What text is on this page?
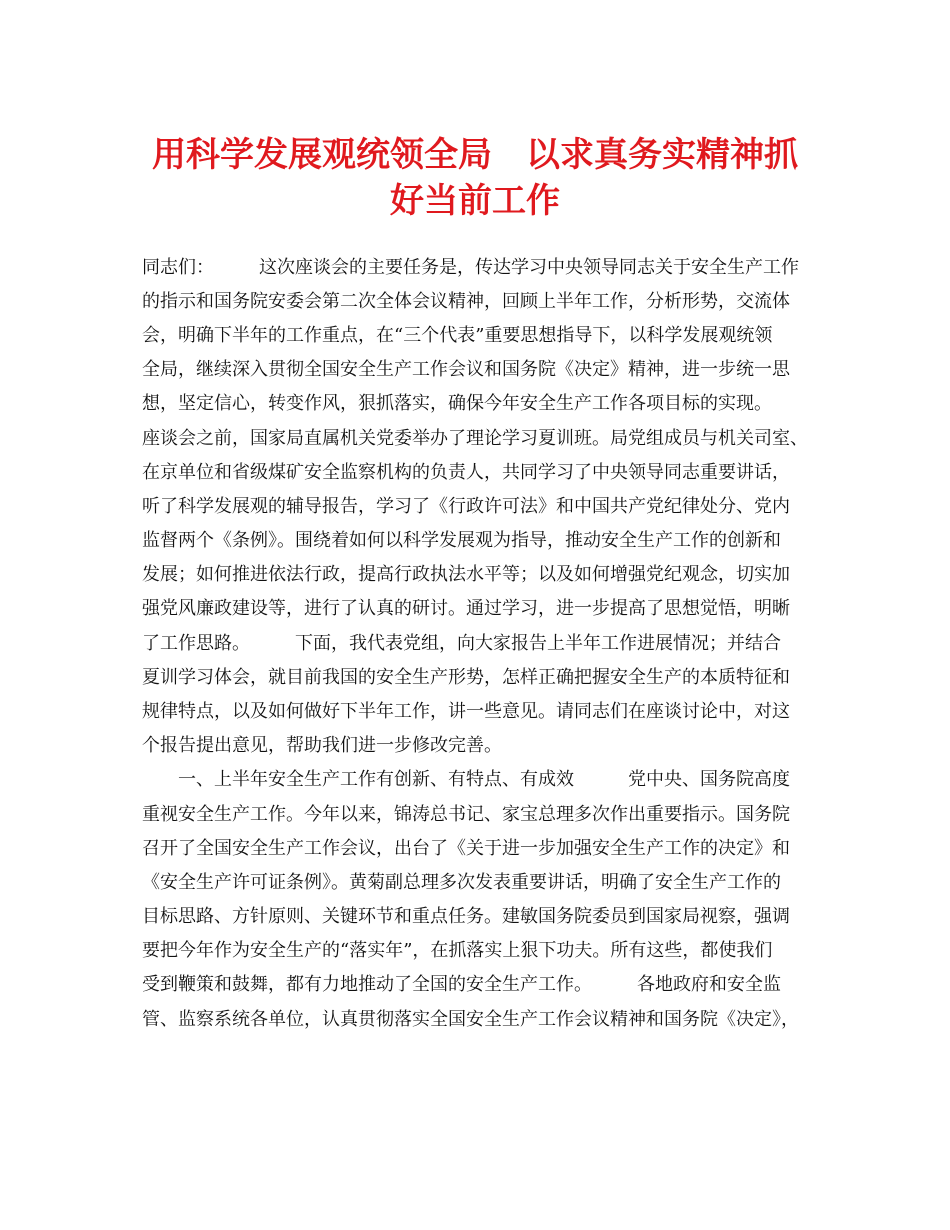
用科学发展观统领全局 以求真务实精神抓
好当前工作
同志们：　　　这次座谈会的主要任务是，传达学习中央领导同志关于安全生产工作
的指示和国务院安委会第二次全体会议精神，回顾上半年工作，分析形势，交流体
会，明确下半年的工作重点，在“三个代表”重要思想指导下，以科学发展观统领
全局，继续深入贯彻全国安全生产工作会议和国务院《决定》精神，进一步统一思
想，坚定信心，转变作风，狠抓落实，确保今年安全生产工作各项目标的实现。
座谈会之前，国家局直属机关党委举办了理论学习夏训班。局党组成员与机关司室、
在京单位和省级煤矿安全监察机构的负责人，共同学习了中央领导同志重要讲话，
听了科学发展观的辅导报告，学习了《行政许可法》和中国共产党纪律处分、党内
监督两个《条例》。围绕着如何以科学发展观为指导，推动安全生产工作的创新和
发展；如何推进依法行政，提高行政执法水平等；以及如何增强党纪观念，切实加
强党风廉政建设等，进行了认真的研讨。通过学习，进一步提高了思想觉悟，明晰
了工作思路。　　　下面，我代表党组，向大家报告上半年工作进展情况；并结合
夏训学习体会，就目前我国的安全生产形势，怎样正确把握安全生产的本质特征和
规律特点，以及如何做好下半年工作，讲一些意见。请同志们在座谈讨论中，对这
个报告提出意见，帮助我们进一步修改完善。
　　一、上半年安全生产工作有创新、有特点、有成效　　　党中央、国务院高度
重视安全生产工作。今年以来，锦涛总书记、家宝总理多次作出重要指示。国务院
召开了全国安全生产工作会议，出台了《关于进一步加强安全生产工作的决定》和
《安全生产许可证条例》。黄菊副总理多次发表重要讲话，明确了安全生产工作的
目标思路、方针原则、关键环节和重点任务。建敏国务院委员到国家局视察，强调
要把今年作为安全生产的“落实年”，在抓落实上狠下功夫。所有这些，都使我们
受到鞭策和鼓舞，都有力地推动了全国的安全生产工作。　　　各地政府和安全监
管、监察系统各单位，认真贯彻落实全国安全生产工作会议精神和国务院《决定》，
